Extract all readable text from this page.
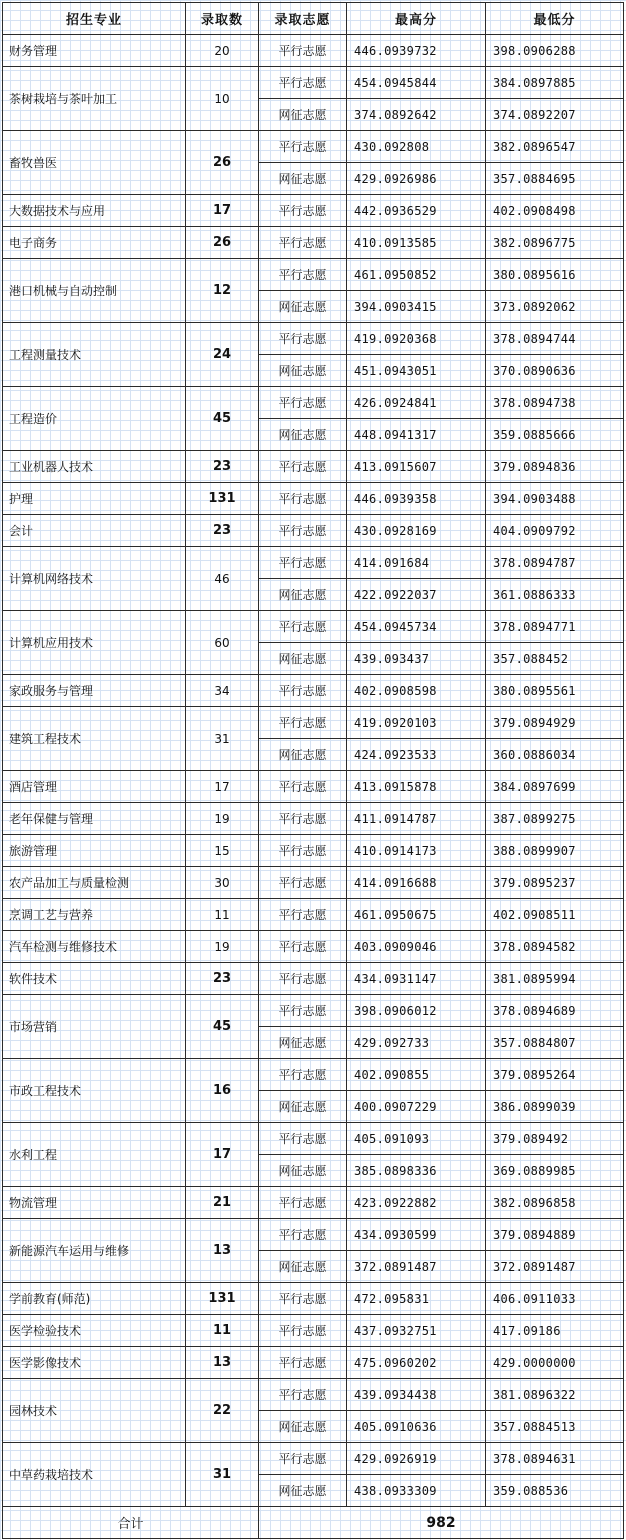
招生专业	录取数	录取志愿	最高分	最低分
财务管理	20	平行志愿	446.0939732	398.0906288
茶树栽培与茶叶加工	10	平行志愿	454.0945844	384.0897885
		网征志愿	374.0892642	374.0892207
畜牧兽医	26	平行志愿	430.092808	382.0896547
		网征志愿	429.0926986	357.0884695
大数据技术与应用	17	平行志愿	442.0936529	402.0908498
电子商务	26	平行志愿	410.0913585	382.0896775
港口机械与自动控制	12	平行志愿	461.0950852	380.0895616
		网征志愿	394.0903415	373.0892062
工程测量技术	24	平行志愿	419.0920368	378.0894744
		网征志愿	451.0943051	370.0890636
工程造价	45	平行志愿	426.0924841	378.0894738
		网征志愿	448.0941317	359.0885666
工业机器人技术	23	平行志愿	413.0915607	379.0894836
护理	131	平行志愿	446.0939358	394.0903488
会计	23	平行志愿	430.0928169	404.0909792
计算机网络技术	46	平行志愿	414.091684	378.0894787
		网征志愿	422.0922037	361.0886333
计算机应用技术	60	平行志愿	454.0945734	378.0894771
		网征志愿	439.093437	357.088452
家政服务与管理	34	平行志愿	402.0908598	380.0895561
建筑工程技术	31	平行志愿	419.0920103	379.0894929
		网征志愿	424.0923533	360.0886034
酒店管理	17	平行志愿	413.0915878	384.0897699
老年保健与管理	19	平行志愿	411.0914787	387.0899275
旅游管理	15	平行志愿	410.0914173	388.0899907
农产品加工与质量检测	30	平行志愿	414.0916688	379.0895237
烹调工艺与营养	11	平行志愿	461.0950675	402.0908511
汽车检测与维修技术	19	平行志愿	403.0909046	378.0894582
软件技术	23	平行志愿	434.0931147	381.0895994
市场营销	45	平行志愿	398.0906012	378.0894689
		网征志愿	429.092733	357.0884807
市政工程技术	16	平行志愿	402.090855	379.0895264
		网征志愿	400.0907229	386.0899039
水利工程	17	平行志愿	405.091093	379.089492
		网征志愿	385.0898336	369.0889985
物流管理	21	平行志愿	423.0922882	382.0896858
新能源汽车运用与维修	13	平行志愿	434.0930599	379.0894889
		网征志愿	372.0891487	372.0891487
学前教育(师范)	131	平行志愿	472.095831	406.0911033
医学检验技术	11	平行志愿	437.0932751	417.09186
医学影像技术	13	平行志愿	475.0960202	429.0000000
园林技术	22	平行志愿	439.0934438	381.0896322
		网征志愿	405.0910636	357.0884513
中草药栽培技术	31	平行志愿	429.0926919	378.0894631
		网征志愿	438.0933309	359.088536
合计		982		
